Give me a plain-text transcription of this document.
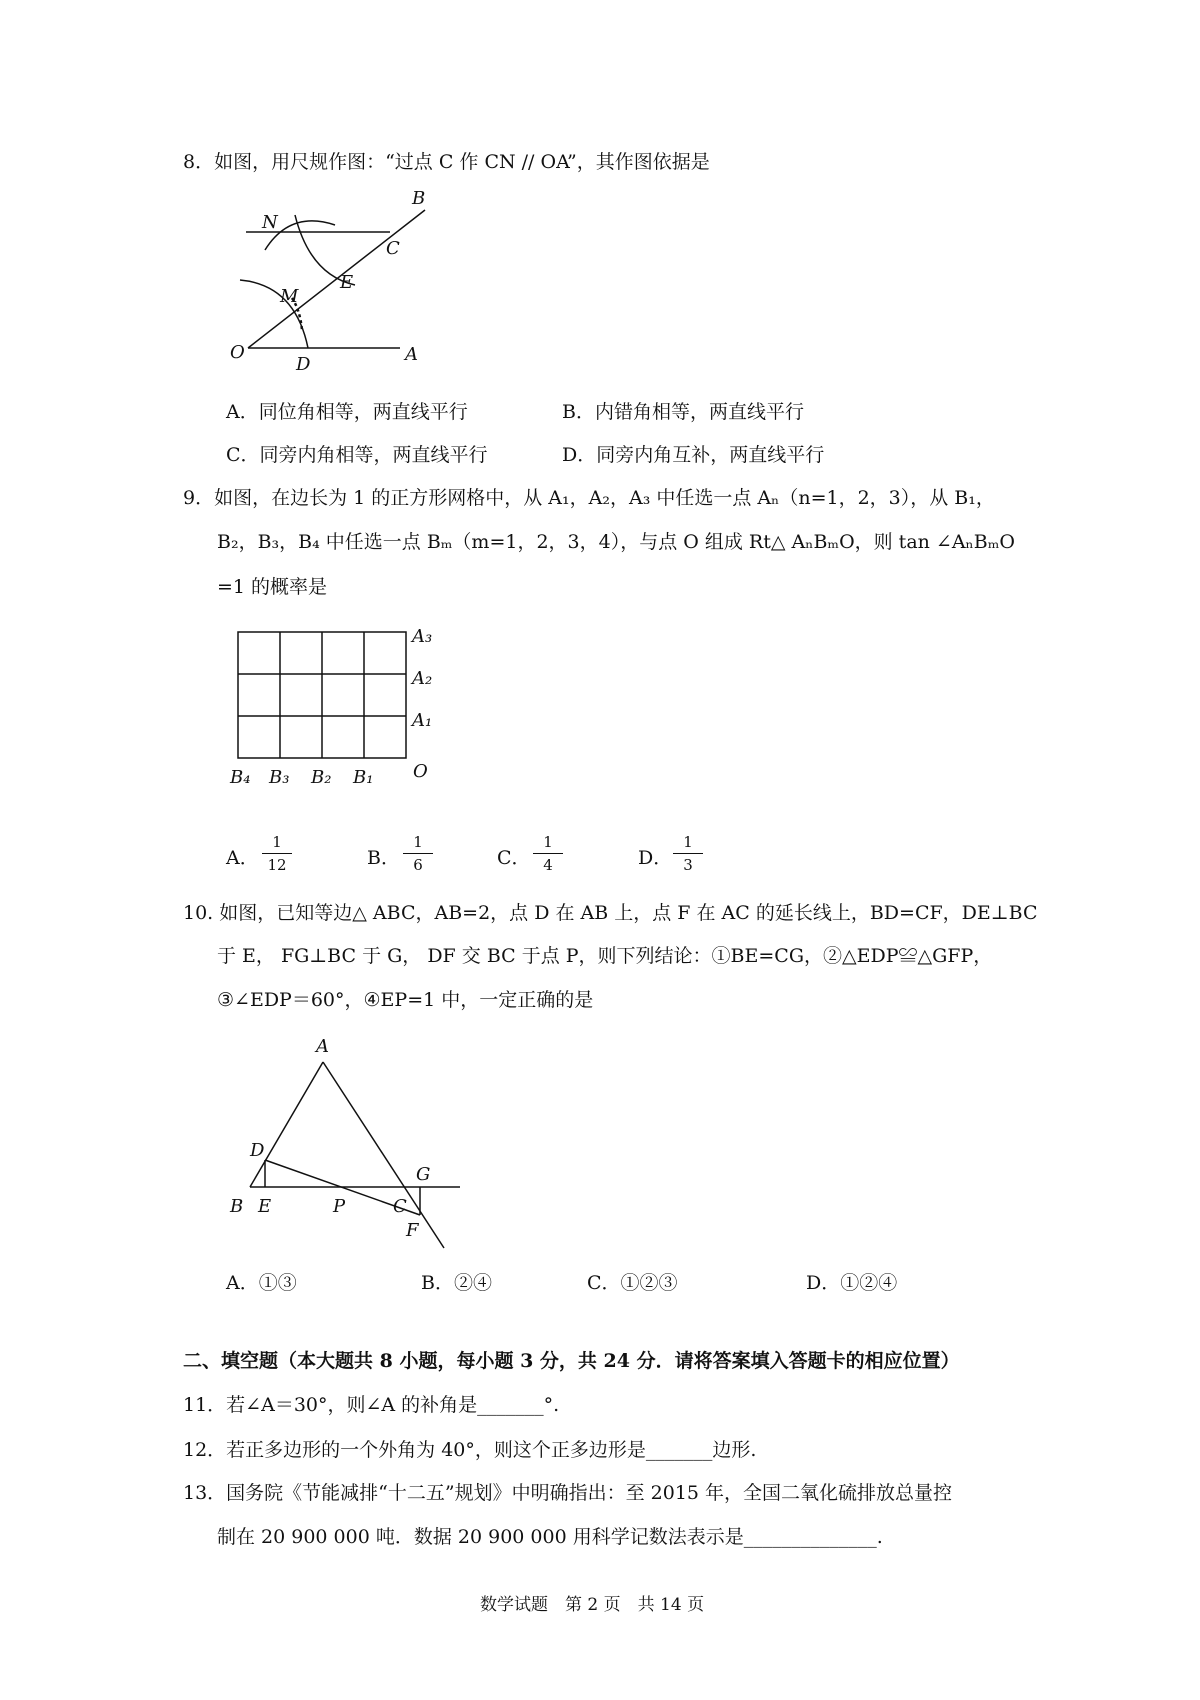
8．如图，用尺规作图：“过点 C 作 CN // OA”，其作图依据是
B
N
C
E
M
O
D	A
A．同位角相等，两直线平行	B．内错角相等，两直线平行
C．同旁内角相等，两直线平行	D．同旁内角互补，两直线平行
9．如图，在边长为 1 的正方形网格中，从 A₁，A₂，A₃ 中任选一点 Aₙ（n=1，2，3），从 B₁，
B₂，B₃，B₄ 中任选一点 Bₘ（m=1，2，3，4），与点 O 组成 Rt△ AₙBₘO，则 tan ∠AₙBₘO
=1 的概率是
A₃
A₂
A₁
O
B₄ B₃ B₂ B₁
A． $\frac{1}{12}$	B． $\frac{1}{6}$	C． $\frac{1}{4}$	D． $\frac{1}{3}$
10. 如图，已知等边△ ABC，AB=2，点 D 在 AB 上，点 F 在 AC 的延长线上，BD=CF，DE⊥BC
于 E， FG⊥BC 于 G， DF 交 BC 于点 P，则下列结论：①BE=CG，②△EDP≌△GFP，
③∠EDP＝60°，④EP=1 中，一定正确的是
A
D
G
B E	P	C
F
A．①③	B．②④	C．①②③	D．①②④
二、填空题（本大题共 8 小题，每小题 3 分，共 24 分．请将答案填入答题卡的相应位置）
11．若∠A＝30°，则∠A 的补角是_______°.
12．若正多边形的一个外角为 40°，则这个正多边形是_______边形.
13．国务院《节能减排“十二五”规划》中明确指出：至 2015 年，全国二氧化硫排放总量控
制在 20 900 000 吨．数据 20 900 000 用科学记数法表示是______________.
数学试题　第 2 页　共 14 页
